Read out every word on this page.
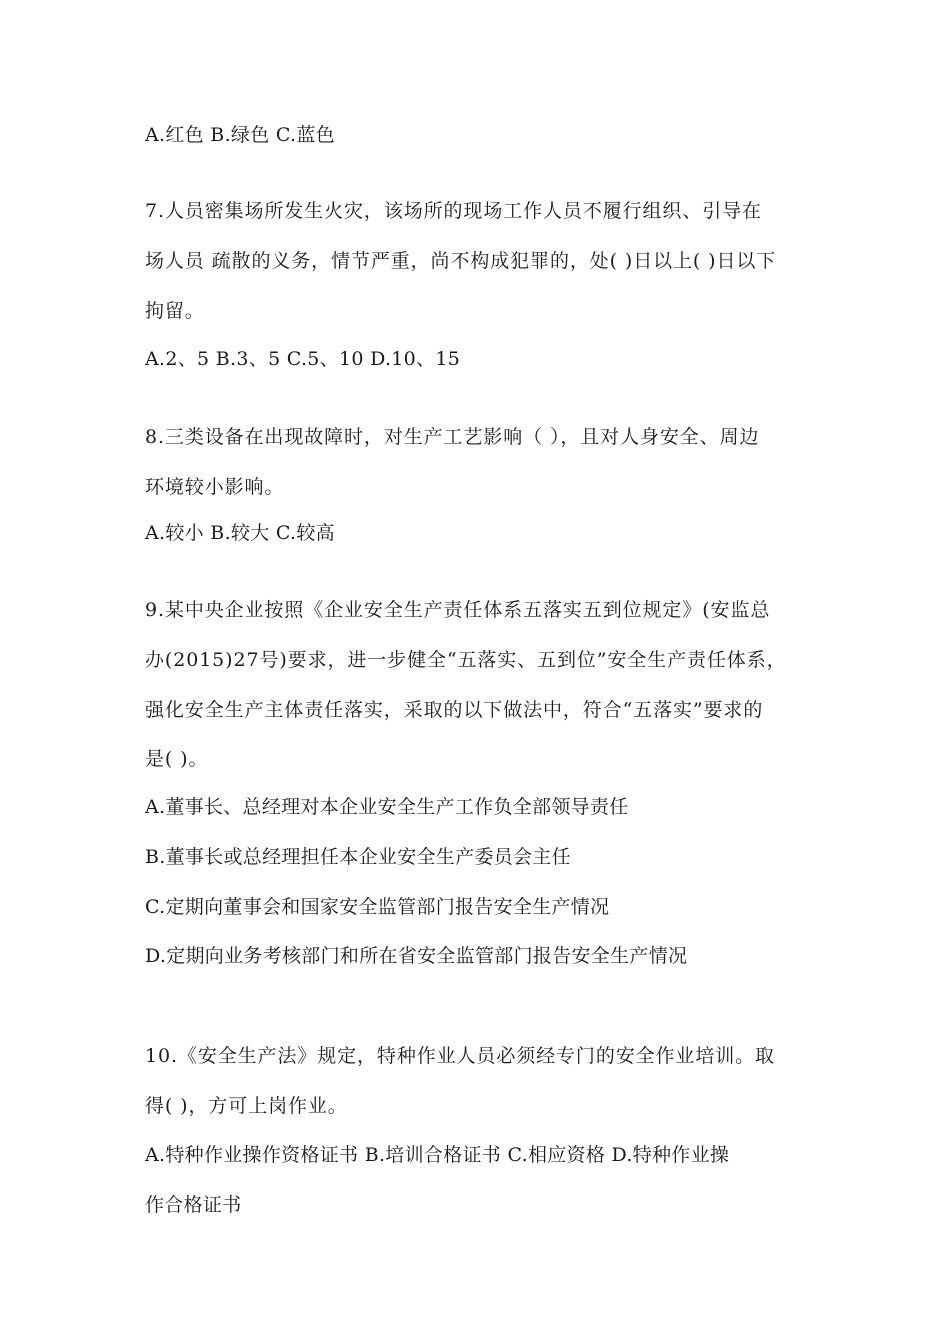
A.红色 B.绿色 C.蓝色
7.人员密集场所发生火灾，该场所的现场工作人员不履行组织、引导在
场人员 疏散的义务，情节严重，尚不构成犯罪的，处( )日以上( )日以下
拘留。
A.2、5 B.3、5 C.5、10 D.10、15
8.三类设备在出现故障时，对生产工艺影响（ ），且对人身安全、周边
环境较小影响。
A.较小 B.较大 C.较高
9.某中央企业按照《企业安全生产责任体系五落实五到位规定》(安监总
办(2015)27号)要求，进一步健全“五落实、五到位”安全生产责任体系，
强化安全生产主体责任落实，采取的以下做法中，符合“五落实”要求的
是( )。
A.董事长、总经理对本企业安全生产工作负全部领导责任
B.董事长或总经理担任本企业安全生产委员会主任
C.定期向董事会和国家安全监管部门报告安全生产情况
D.定期向业务考核部门和所在省安全监管部门报告安全生产情况
10.《安全生产法》规定，特种作业人员必须经专门的安全作业培训。取
得( )，方可上岗作业。
A.特种作业操作资格证书 B.培训合格证书 C.相应资格 D.特种作业操
作合格证书
